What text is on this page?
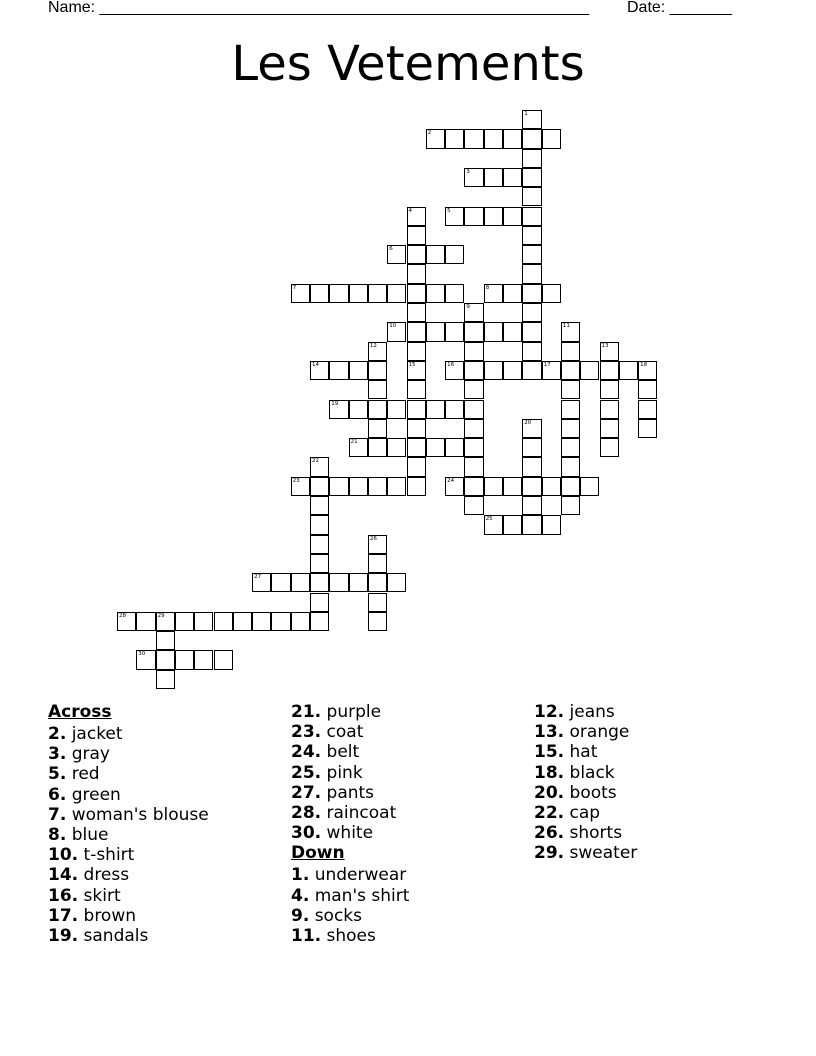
Name: _______________________________________________________ Date: _______
Les Vetements
1
2
3
4	5
6
7	8
9
10	11
12	13
14	15	16	17	18
19
20
21
22
23	24
25
26
27
28	29
30
Across
2. jacket
3. gray
5. red
6. green
7. woman's blouse
8. blue
10. t-shirt
14. dress
16. skirt
17. brown
19. sandals
21. purple
23. coat
24. belt
25. pink
27. pants
28. raincoat
30. white
Down
1. underwear
4. man's shirt
9. socks
11. shoes
12. jeans
13. orange
15. hat
18. black
20. boots
22. cap
26. shorts
29. sweater
